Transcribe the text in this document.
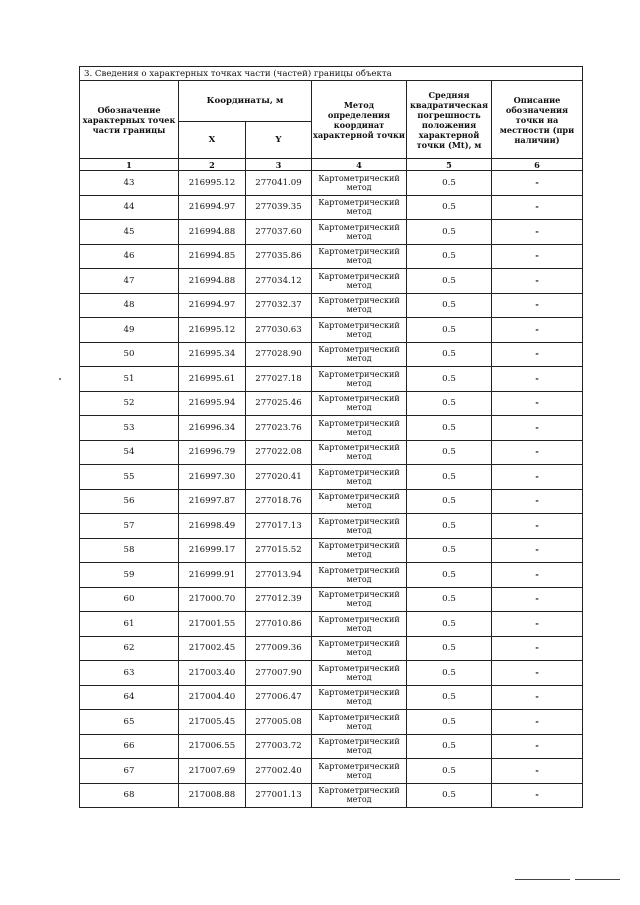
3. Сведения о характерных точках части (частей) границы объекта					
Обозначение характерных точек части границы	Координаты, м		Метод определения координат характерной точки	Средняя квадратическая погрешность положения характерной точки (Mt), м	Описание обозначения точки на местности (при наличии)
	X	Y			
1	2	3	4	5	6
43	216995.12	277041.09	Картометрический метод	0.5	-
44	216994.97	277039.35	Картометрический метод	0.5	-
45	216994.88	277037.60	Картометрический метод	0.5	-
46	216994.85	277035.86	Картометрический метод	0.5	-
47	216994.88	277034.12	Картометрический метод	0.5	-
48	216994.97	277032.37	Картометрический метод	0.5	-
49	216995.12	277030.63	Картометрический метод	0.5	-
50	216995.34	277028.90	Картометрический метод	0.5	-
51	216995.61	277027.18	Картометрический метод	0.5	-
52	216995.94	277025.46	Картометрический метод	0.5	-
53	216996.34	277023.76	Картометрический метод	0.5	-
54	216996.79	277022.08	Картометрический метод	0.5	-
55	216997.30	277020.41	Картометрический метод	0.5	-
56	216997.87	277018.76	Картометрический метод	0.5	-
57	216998.49	277017.13	Картометрический метод	0.5	-
58	216999.17	277015.52	Картометрический метод	0.5	-
59	216999.91	277013.94	Картометрический метод	0.5	-
60	217000.70	277012.39	Картометрический метод	0.5	-
61	217001.55	277010.86	Картометрический метод	0.5	-
62	217002.45	277009.36	Картометрический метод	0.5	-
63	217003.40	277007.90	Картометрический метод	0.5	-
64	217004.40	277006.47	Картометрический метод	0.5	-
65	217005.45	277005.08	Картометрический метод	0.5	-
66	217006.55	277003.72	Картометрический метод	0.5	-
67	217007.69	277002.40	Картометрический метод	0.5	-
68	217008.88	277001.13	Картометрический метод	0.5	-
